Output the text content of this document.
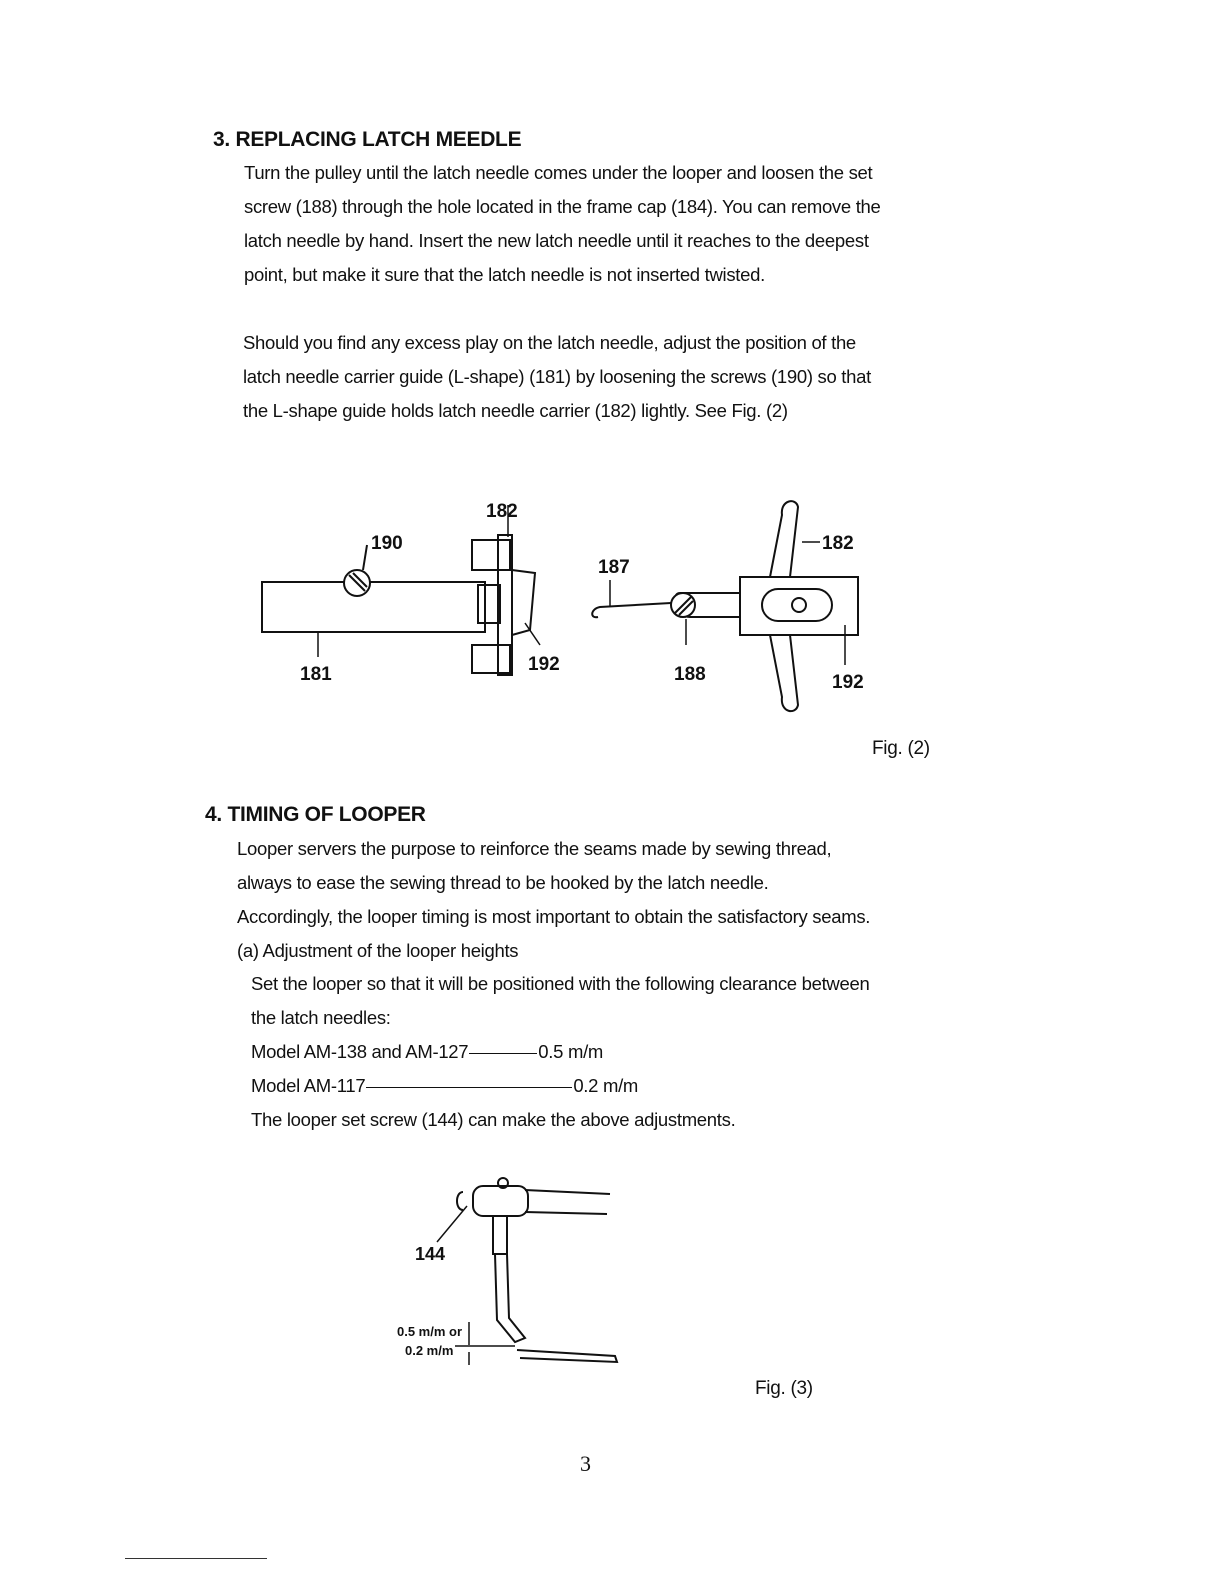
3. REPLACING LATCH MEEDLE
Turn the pulley until the latch needle comes under the looper and loosen the set
screw (188) through the hole located in the frame cap (184). You can remove the
latch needle by hand. Insert the new latch needle until it reaches to the deepest
point, but make it sure that the latch needle is not inserted twisted.
Should you find any excess play on the latch needle, adjust the position of the
latch needle carrier guide (L-shape) (181) by loosening the screws (190) so that
the L-shape guide holds latch needle carrier (182) lightly. See Fig. (2)
182
190
181	192
182
187
188	192
Fig. (2)
4. TIMING OF LOOPER
Looper servers the purpose to reinforce the seams made by sewing thread,
always to ease the sewing thread to be hooked by the latch needle.
Accordingly, the looper timing is most important to obtain the satisfactory seams.
(a) Adjustment of the looper heights
Set the looper so that it will be positioned with the following clearance between
the latch needles:
Model AM-138 and AM-127	0.5 m/m
Model AM-117	0.2 m/m
The looper set screw (144) can make the above adjustments.
144
0.5 m/m or
0.2 m/m
Fig. (3)
3
